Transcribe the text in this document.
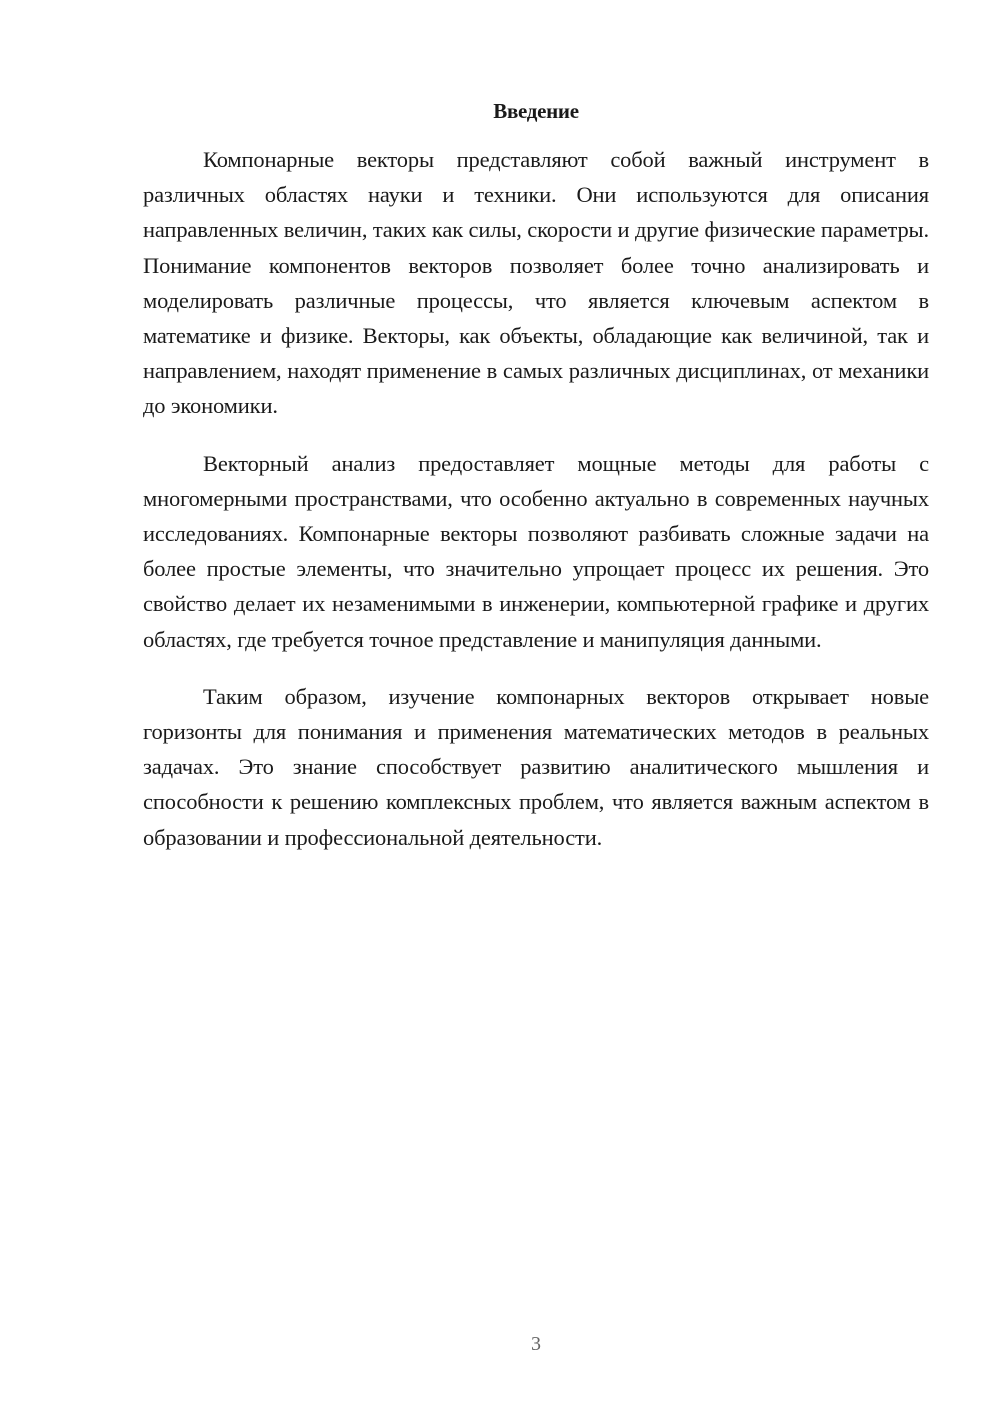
Введение

Компонарные векторы представляют собой важный инструмент в различных областях науки и техники. Они используются для описания направленных величин, таких как силы, скорости и другие физические параметры. Понимание компонентов векторов позволяет более точно анализировать и моделировать различные процессы, что является ключевым аспектом в математике и физике. Векторы, как объекты, обладающие как величиной, так и направлением, находят применение в самых различных дисциплинах, от механики до экономики.

Векторный анализ предоставляет мощные методы для работы с многомерными пространствами, что особенно актуально в современных научных исследованиях. Компонарные векторы позволяют разбивать сложные задачи на более простые элементы, что значительно упрощает процесс их решения. Это свойство делает их незаменимыми в инженерии, компьютерной графике и других областях, где требуется точное представление и манипуляция данными.

Таким образом, изучение компонарных векторов открывает новые горизонты для понимания и применения математических методов в реальных задачах. Это знание способствует развитию аналитического мышления и способности к решению комплексных проблем, что является важным аспектом в образовании и профессиональной деятельности.

3
